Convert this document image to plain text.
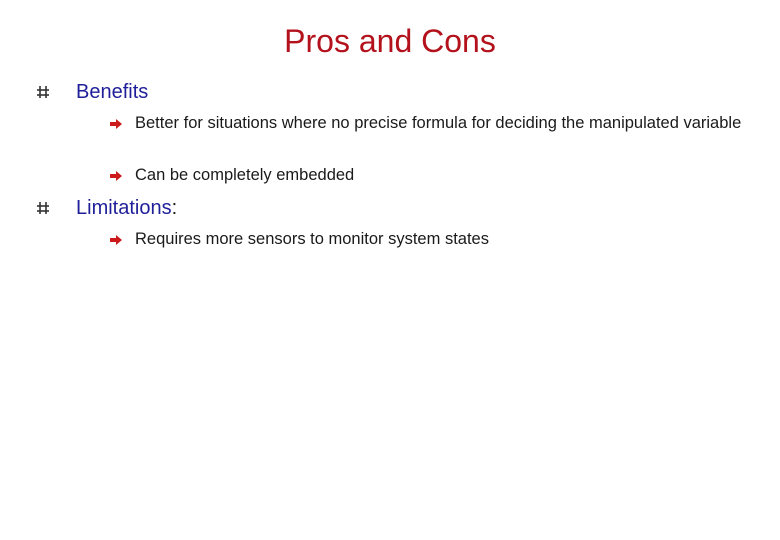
Pros and Cons
Benefits
Better for situations where no precise formula for deciding the manipulated variable
Can be completely embedded
Limitations:
Requires more sensors to monitor system states
